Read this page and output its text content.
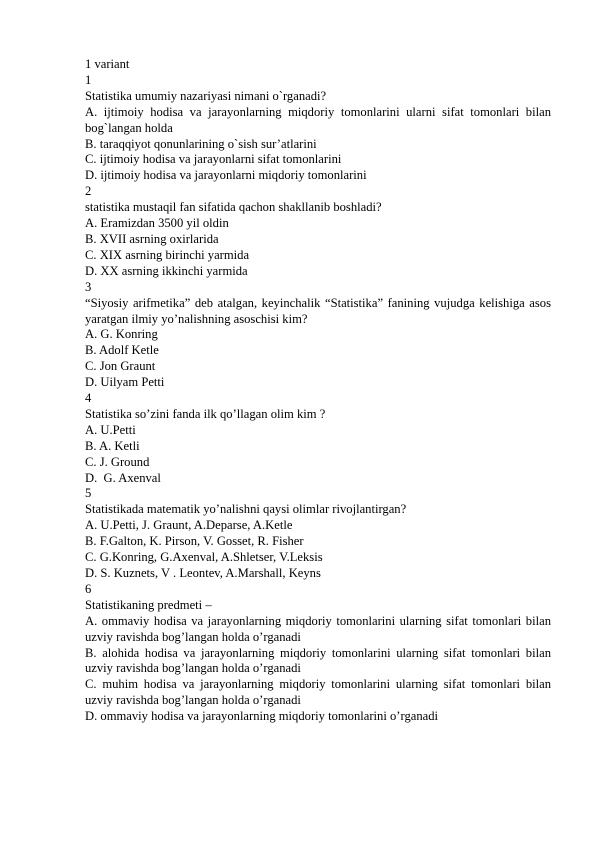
1 variant

1

Statistika umumiy nazariyasi nimani o`rganadi?

A. ijtimoiy hodisa va jarayonlarning miqdoriy tomonlarini ularni sifat tomonlari bilan bog`langan holda

B. taraqqiyot qonunlarining o`sish sur’atlarini

C. ijtimoiy hodisa va jarayonlarni sifat tomonlarini

D. ijtimoiy hodisa va jarayonlarni miqdoriy tomonlarini

2

statistika mustaqil fan sifatida qachon shakllanib boshladi?

A. Eramizdan 3500 yil oldin

B. XVII asrning oxirlarida

C. XIX asrning birinchi yarmida

D. XX asrning ikkinchi yarmida

3

“Siyosiy arifmetika” deb atalgan, keyinchalik “Statistika” fanining vujudga kelishiga asos yaratgan ilmiy yo’nalishning asoschisi kim?

A. G. Konring

B. Adolf Ketle

C. Jon Graunt

D. Uilyam Petti

4

Statistika so’zini fanda ilk qo’llagan olim kim ?

A. U.Petti

B. A. Ketli

C. J. Ground

D.  G. Axenval

5

Statistikada matematik yo’nalishni qaysi olimlar rivojlantirgan?

A. U.Petti, J. Graunt, A.Deparse, A.Ketle

B. F.Galton, K. Pirson, V. Gosset, R. Fisher

C. G.Konring, G.Axenval, A.Shletser, V.Leksis

D. S. Kuznets, V . Leontev, A.Marshall, Keyns

6

Statistikaning predmeti –

A. ommaviy hodisa va jarayonlarning miqdoriy tomonlarini ularning sifat tomonlari bilan uzviy ravishda bog’langan holda o’rganadi

B. alohida hodisa va jarayonlarning miqdoriy tomonlarini ularning sifat tomonlari bilan uzviy ravishda bog’langan holda o’rganadi

C. muhim hodisa va jarayonlarning miqdoriy tomonlarini ularning sifat tomonlari bilan uzviy ravishda bog’langan holda o’rganadi

D. ommaviy hodisa va jarayonlarning miqdoriy tomonlarini o’rganadi
